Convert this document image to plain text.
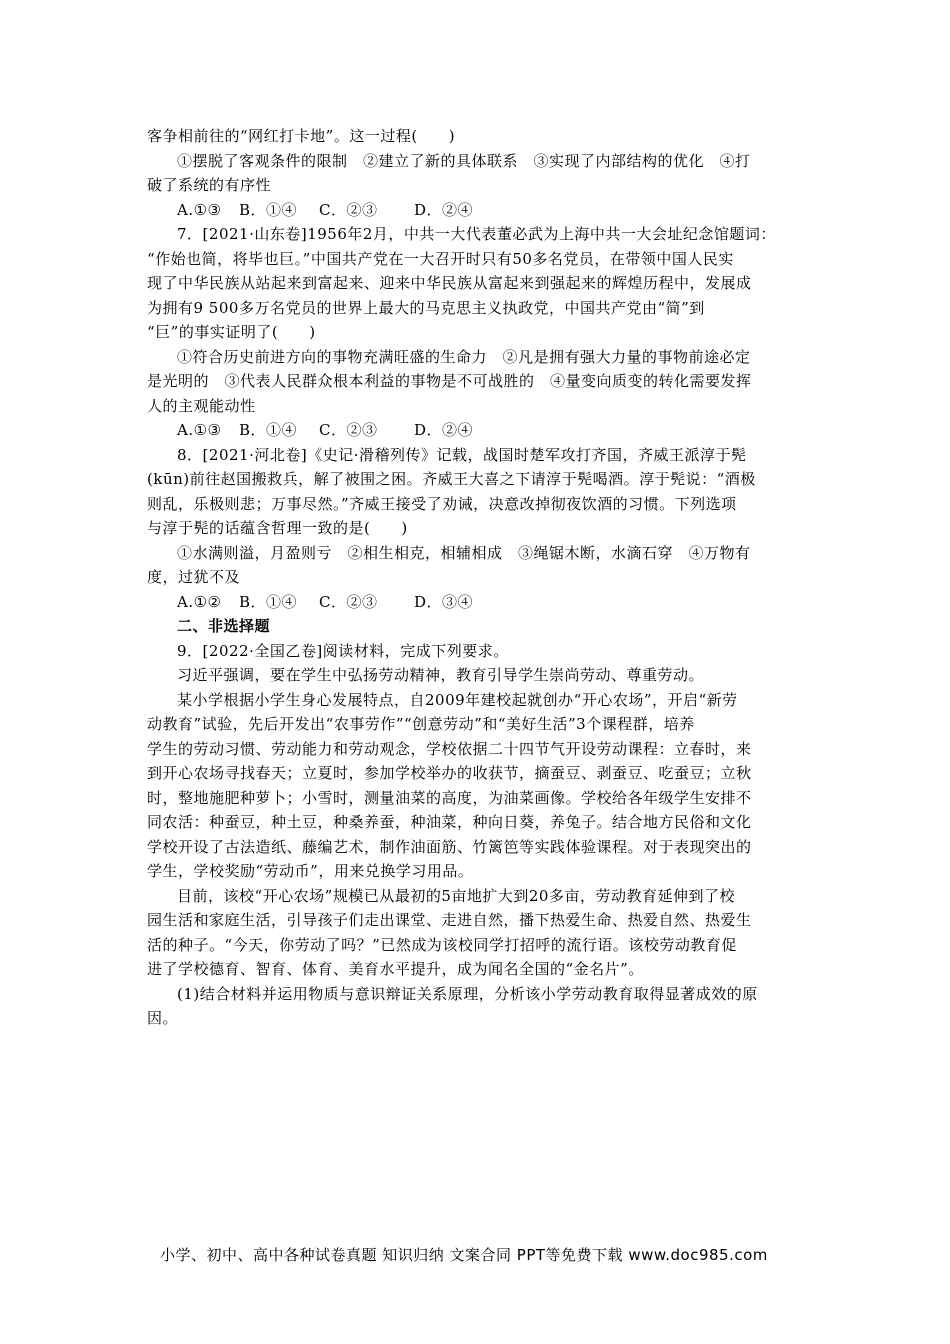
客争相前往的“网红打卡地”。这一过程(　　)
①摆脱了客观条件的限制　②建立了新的具体联系　③实现了内部结构的优化　④打
破了系统的有序性
A.①③ B．①④ C．②③ D．②④
7．[2021·山东卷]1956年2月，中共一大代表董必武为上海中共一大会址纪念馆题词：
“作始也简，将毕也巨。”中国共产党在一大召开时只有50多名党员，在带领中国人民实
现了中华民族从站起来到富起来、迎来中华民族从富起来到强起来的辉煌历程中，发展成
为拥有9 500多万名党员的世界上最大的马克思主义执政党，中国共产党由“简”到
“巨”的事实证明了(　　)
①符合历史前进方向的事物充满旺盛的生命力　②凡是拥有强大力量的事物前途必定
是光明的　③代表人民群众根本利益的事物是不可战胜的　④量变向质变的转化需要发挥
人的主观能动性
A.①③ B．①④ C．②③ D．②④
8．[2021·河北卷]《史记·滑稽列传》记载，战国时楚军攻打齐国，齐威王派淳于髡
(kūn)前往赵国搬救兵，解了被围之困。齐威王大喜之下请淳于髡喝酒。淳于髡说：“酒极
则乱，乐极则悲；万事尽然。”齐威王接受了劝诫，决意改掉彻夜饮酒的习惯。下列选项
与淳于髡的话蕴含哲理一致的是(　　)
①水满则溢，月盈则亏　②相生相克，相辅相成　③绳锯木断，水滴石穿　④万物有
度，过犹不及
A.①② B．①④ C．②③ D．③④
二、非选择题
9．[2022·全国乙卷]阅读材料，完成下列要求。
习近平强调，要在学生中弘扬劳动精神，教育引导学生崇尚劳动、尊重劳动。
某小学根据小学生身心发展特点，自2009年建校起就创办“开心农场”，开启“新劳
动教育”试验，先后开发出“农事劳作”“创意劳动”和“美好生活”3个课程群，培养
学生的劳动习惯、劳动能力和劳动观念，学校依据二十四节气开设劳动课程：立春时，来
到开心农场寻找春天；立夏时，参加学校举办的收获节，摘蚕豆、剥蚕豆、吃蚕豆；立秋
时，整地施肥种萝卜；小雪时，测量油菜的高度，为油菜画像。学校给各年级学生安排不
同农活：种蚕豆，种土豆，种桑养蚕，种油菜，种向日葵，养兔子。结合地方民俗和文化
学校开设了古法造纸、藤编艺术，制作油面筋、竹篱笆等实践体验课程。对于表现突出的
学生，学校奖励“劳动币”，用来兑换学习用品。
目前，该校“开心农场”规模已从最初的5亩地扩大到20多亩，劳动教育延伸到了校
园生活和家庭生活，引导孩子们走出课堂、走进自然，播下热爱生命、热爱自然、热爱生
活的种子。“今天，你劳动了吗？”已然成为该校同学打招呼的流行语。该校劳动教育促
进了学校德育、智育、体育、美育水平提升，成为闻名全国的“金名片”。
(1)结合材料并运用物质与意识辩证关系原理，分析该小学劳动教育取得显著成效的原
因。
小学、初中、高中各种试卷真题 知识归纳 文案合同 PPT等免费下载 www.doc985.com
